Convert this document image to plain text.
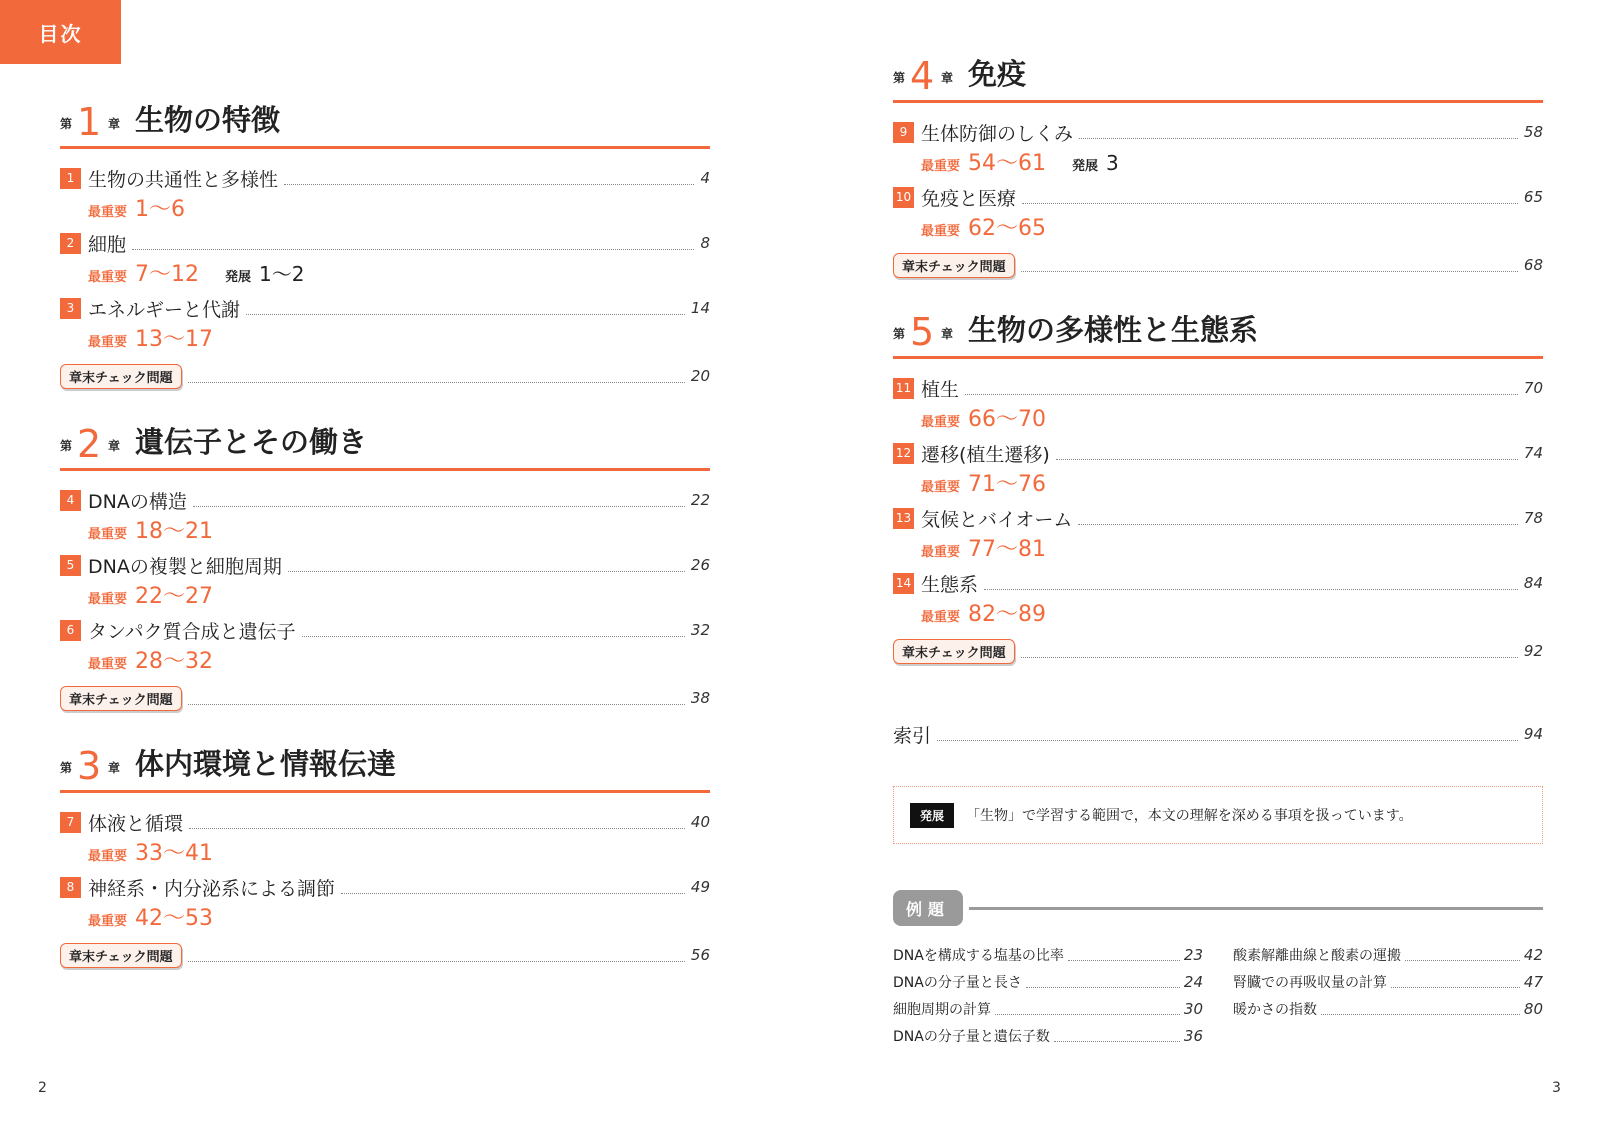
目次
第 1 章 生物の特徴
1 生物の共通性と多様性	4
最重要 1～6
2 細胞	8
最重要 7～12 発展 1～2
3 エネルギーと代謝	14
最重要 13～17
章末チェック問題	20
第 2 章 遺伝子とその働き
4 DNAの構造	22
最重要 18～21
5 DNAの複製と細胞周期	26
最重要 22～27
6 タンパク質合成と遺伝子	32
最重要 28～32
章末チェック問題	38
第 3 章 体内環境と情報伝達
7 体液と循環	40
最重要 33～41
8 神経系・内分泌系による調節	49
最重要 42～53
章末チェック問題	56
第 4 章 免疫
9 生体防御のしくみ	58
最重要 54～61 発展 3
10 免疫と医療	65
最重要 62～65
章末チェック問題	68
第 5 章 生物の多様性と生態系
11 植生	70
最重要 66～70
12 遷移(植生遷移)	74
最重要 71～76
13 気候とバイオーム	78
最重要 77～81
14 生態系	84
最重要 82～89
章末チェック問題	92
索引	94
発展	「生物」で学習する範囲で，本文の理解を深める事項を扱っています。
例題
DNAを構成する塩基の比率	23
DNAの分子量と長さ	24
細胞周期の計算	30
DNAの分子量と遺伝子数	36
酸素解離曲線と酸素の運搬	42
腎臓での再吸収量の計算	47
暖かさの指数	80
2	3
